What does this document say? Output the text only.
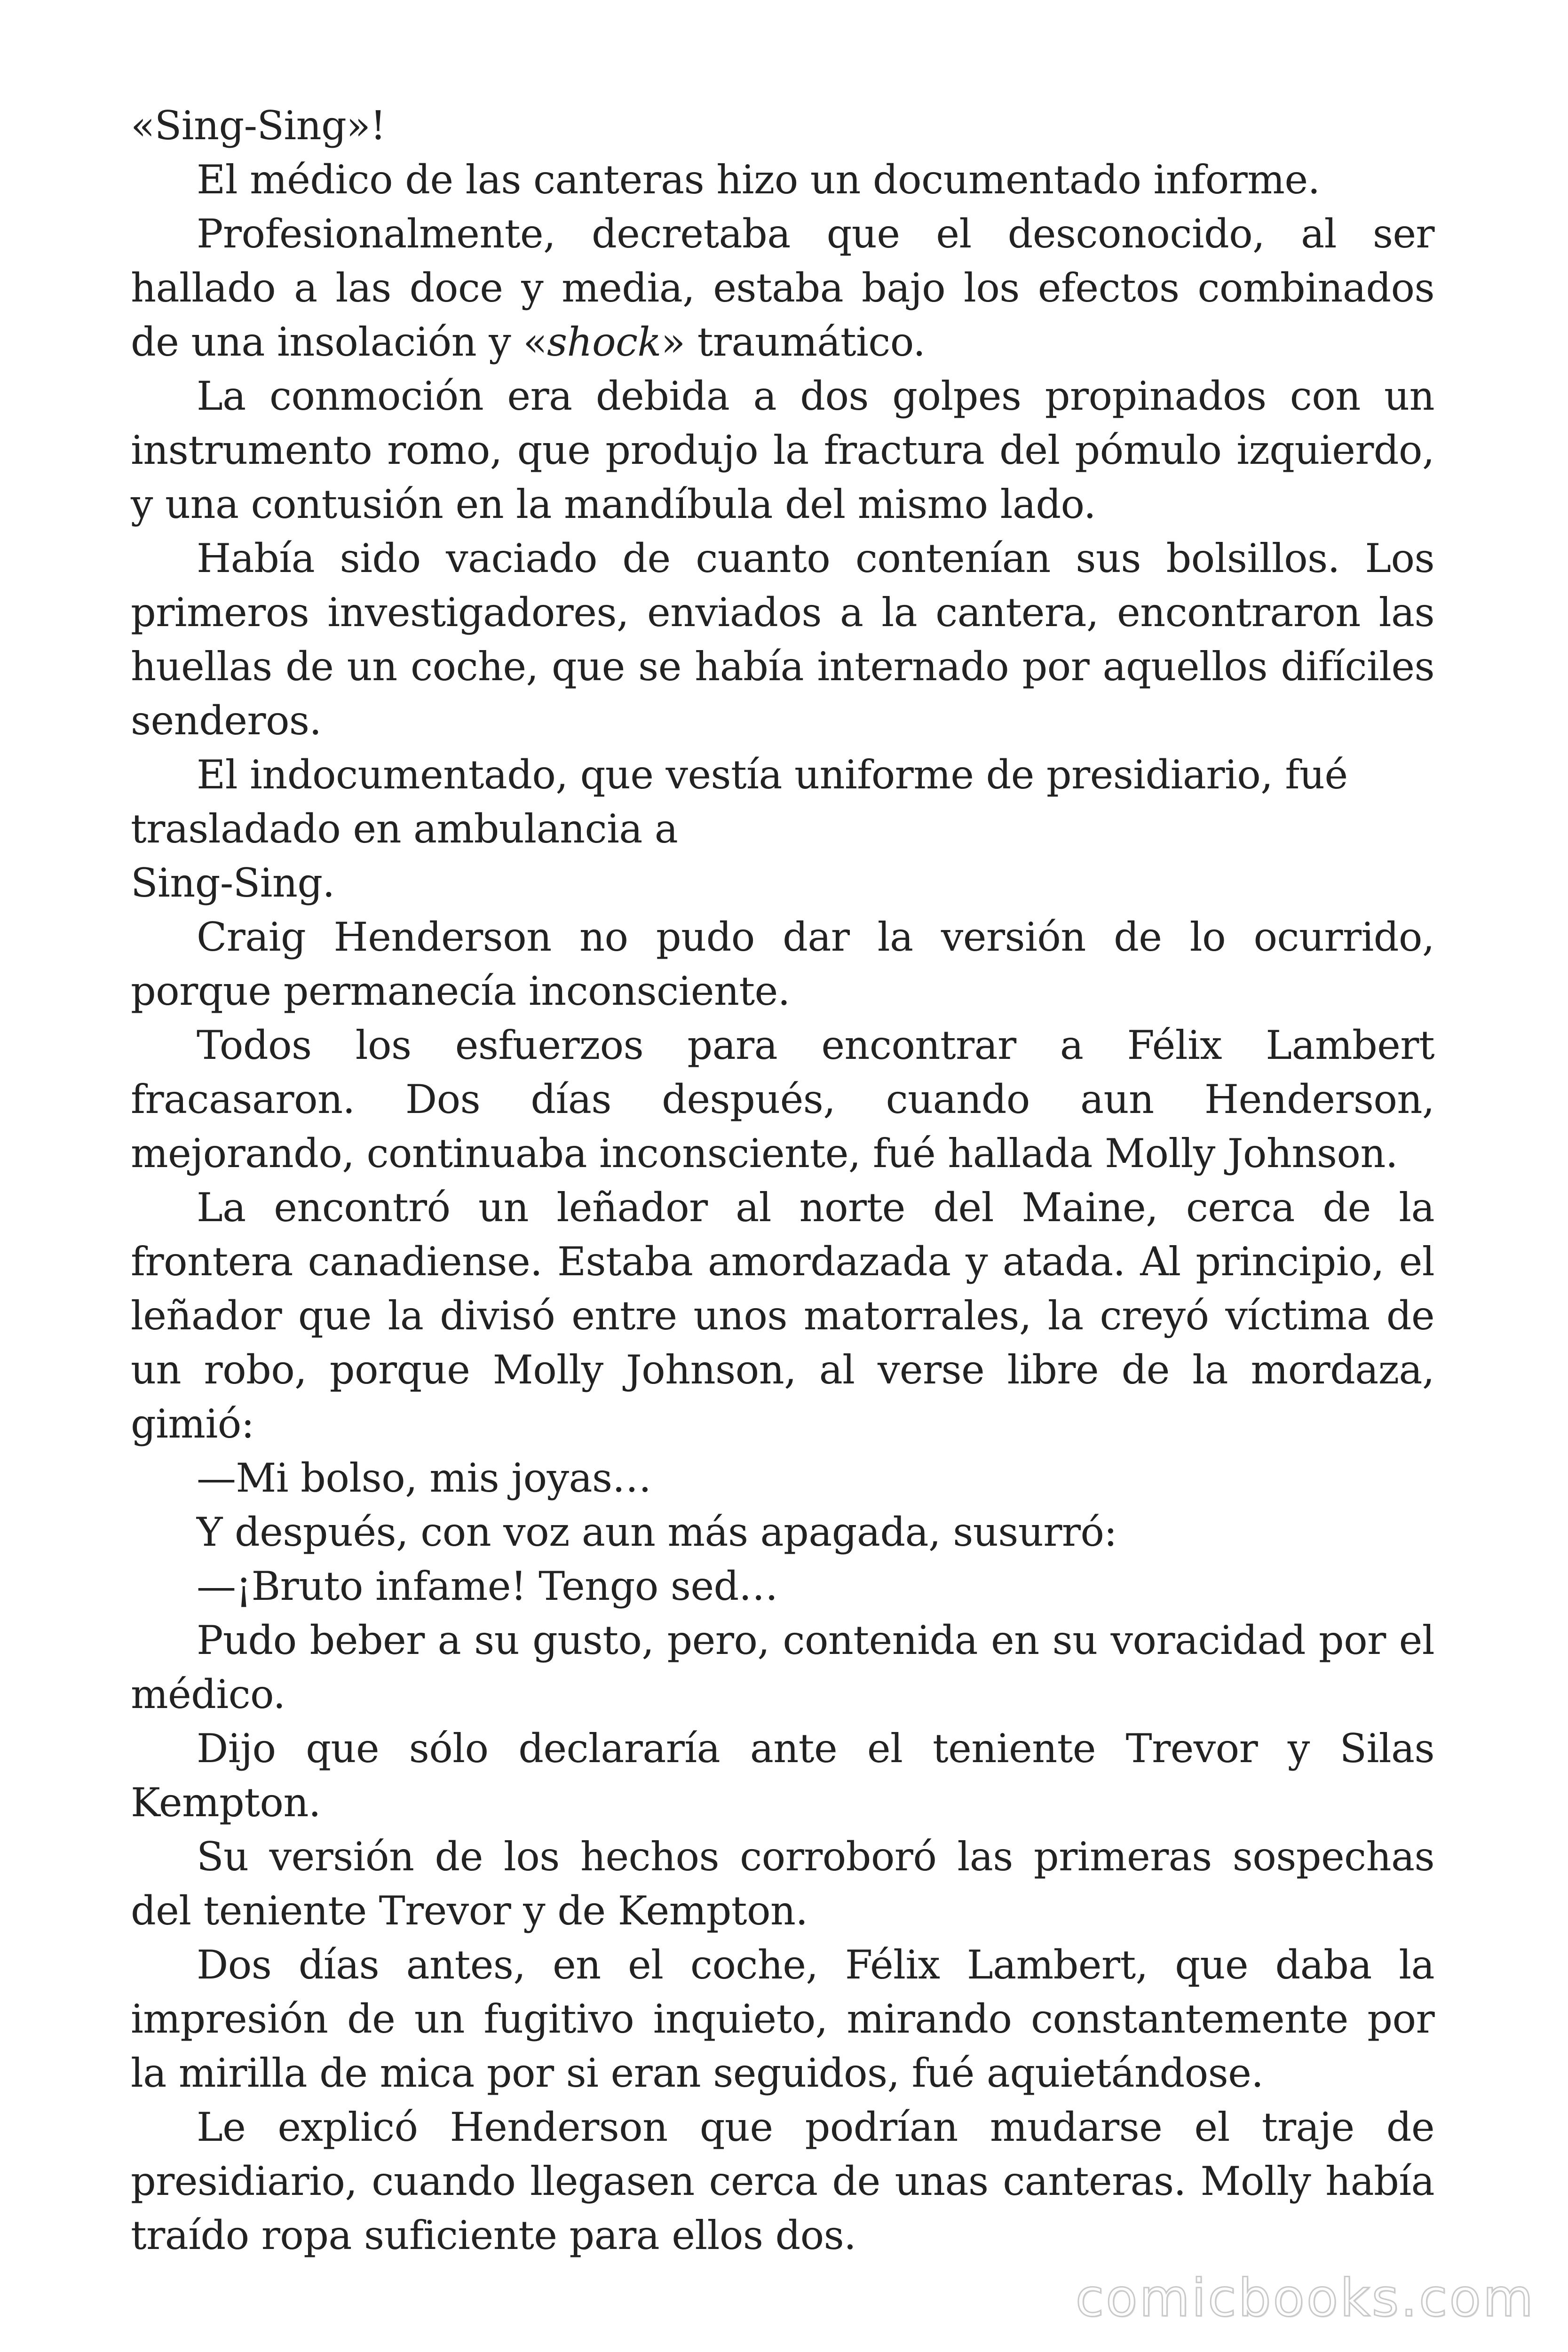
«Sing-Sing»!

El médico de las canteras hizo un documentado informe.

Profesionalmente, decretaba que el desconocido, al ser hallado a las doce y media, estaba bajo los efectos combinados de una insolación y «shock» traumático.

La conmoción era debida a dos golpes propinados con un instrumento romo, que produjo la fractura del pómulo izquierdo, y una contusión en la mandíbula del mismo lado.

Había sido vaciado de cuanto contenían sus bolsillos. Los primeros investigadores, enviados a la cantera, encontraron las huellas de un coche, que se había internado por aquellos difíciles senderos.

El indocumentado, que vestía uniforme de presidiario, fué trasladado en ambulancia a

Sing-Sing.

Craig Henderson no pudo dar la versión de lo ocurrido, porque permanecía inconsciente.

Todos los esfuerzos para encontrar a Félix Lambert fracasaron. Dos días después, cuando aun Henderson, mejorando, continuaba inconsciente, fué hallada Molly Johnson.

La encontró un leñador al norte del Maine, cerca de la frontera canadiense. Estaba amordazada y atada. Al principio, el leñador que la divisó entre unos matorrales, la creyó víctima de un robo, porque Molly Johnson, al verse libre de la mordaza, gimió:

—Mi bolso, mis joyas…

Y después, con voz aun más apagada, susurró:

—¡Bruto infame! Tengo sed…

Pudo beber a su gusto, pero, contenida en su voracidad por el médico.

Dijo que sólo declararía ante el teniente Trevor y Silas Kempton.

Su versión de los hechos corroboró las primeras sospechas del teniente Trevor y de Kempton.

Dos días antes, en el coche, Félix Lambert, que daba la impresión de un fugitivo inquieto, mirando constantemente por la mirilla de mica por si eran seguidos, fué aquietándose.

Le explicó Henderson que podrían mudarse el traje de presidiario, cuando llegasen cerca de unas canteras. Molly había traído ropa suficiente para ellos dos.

comicbooks.com
